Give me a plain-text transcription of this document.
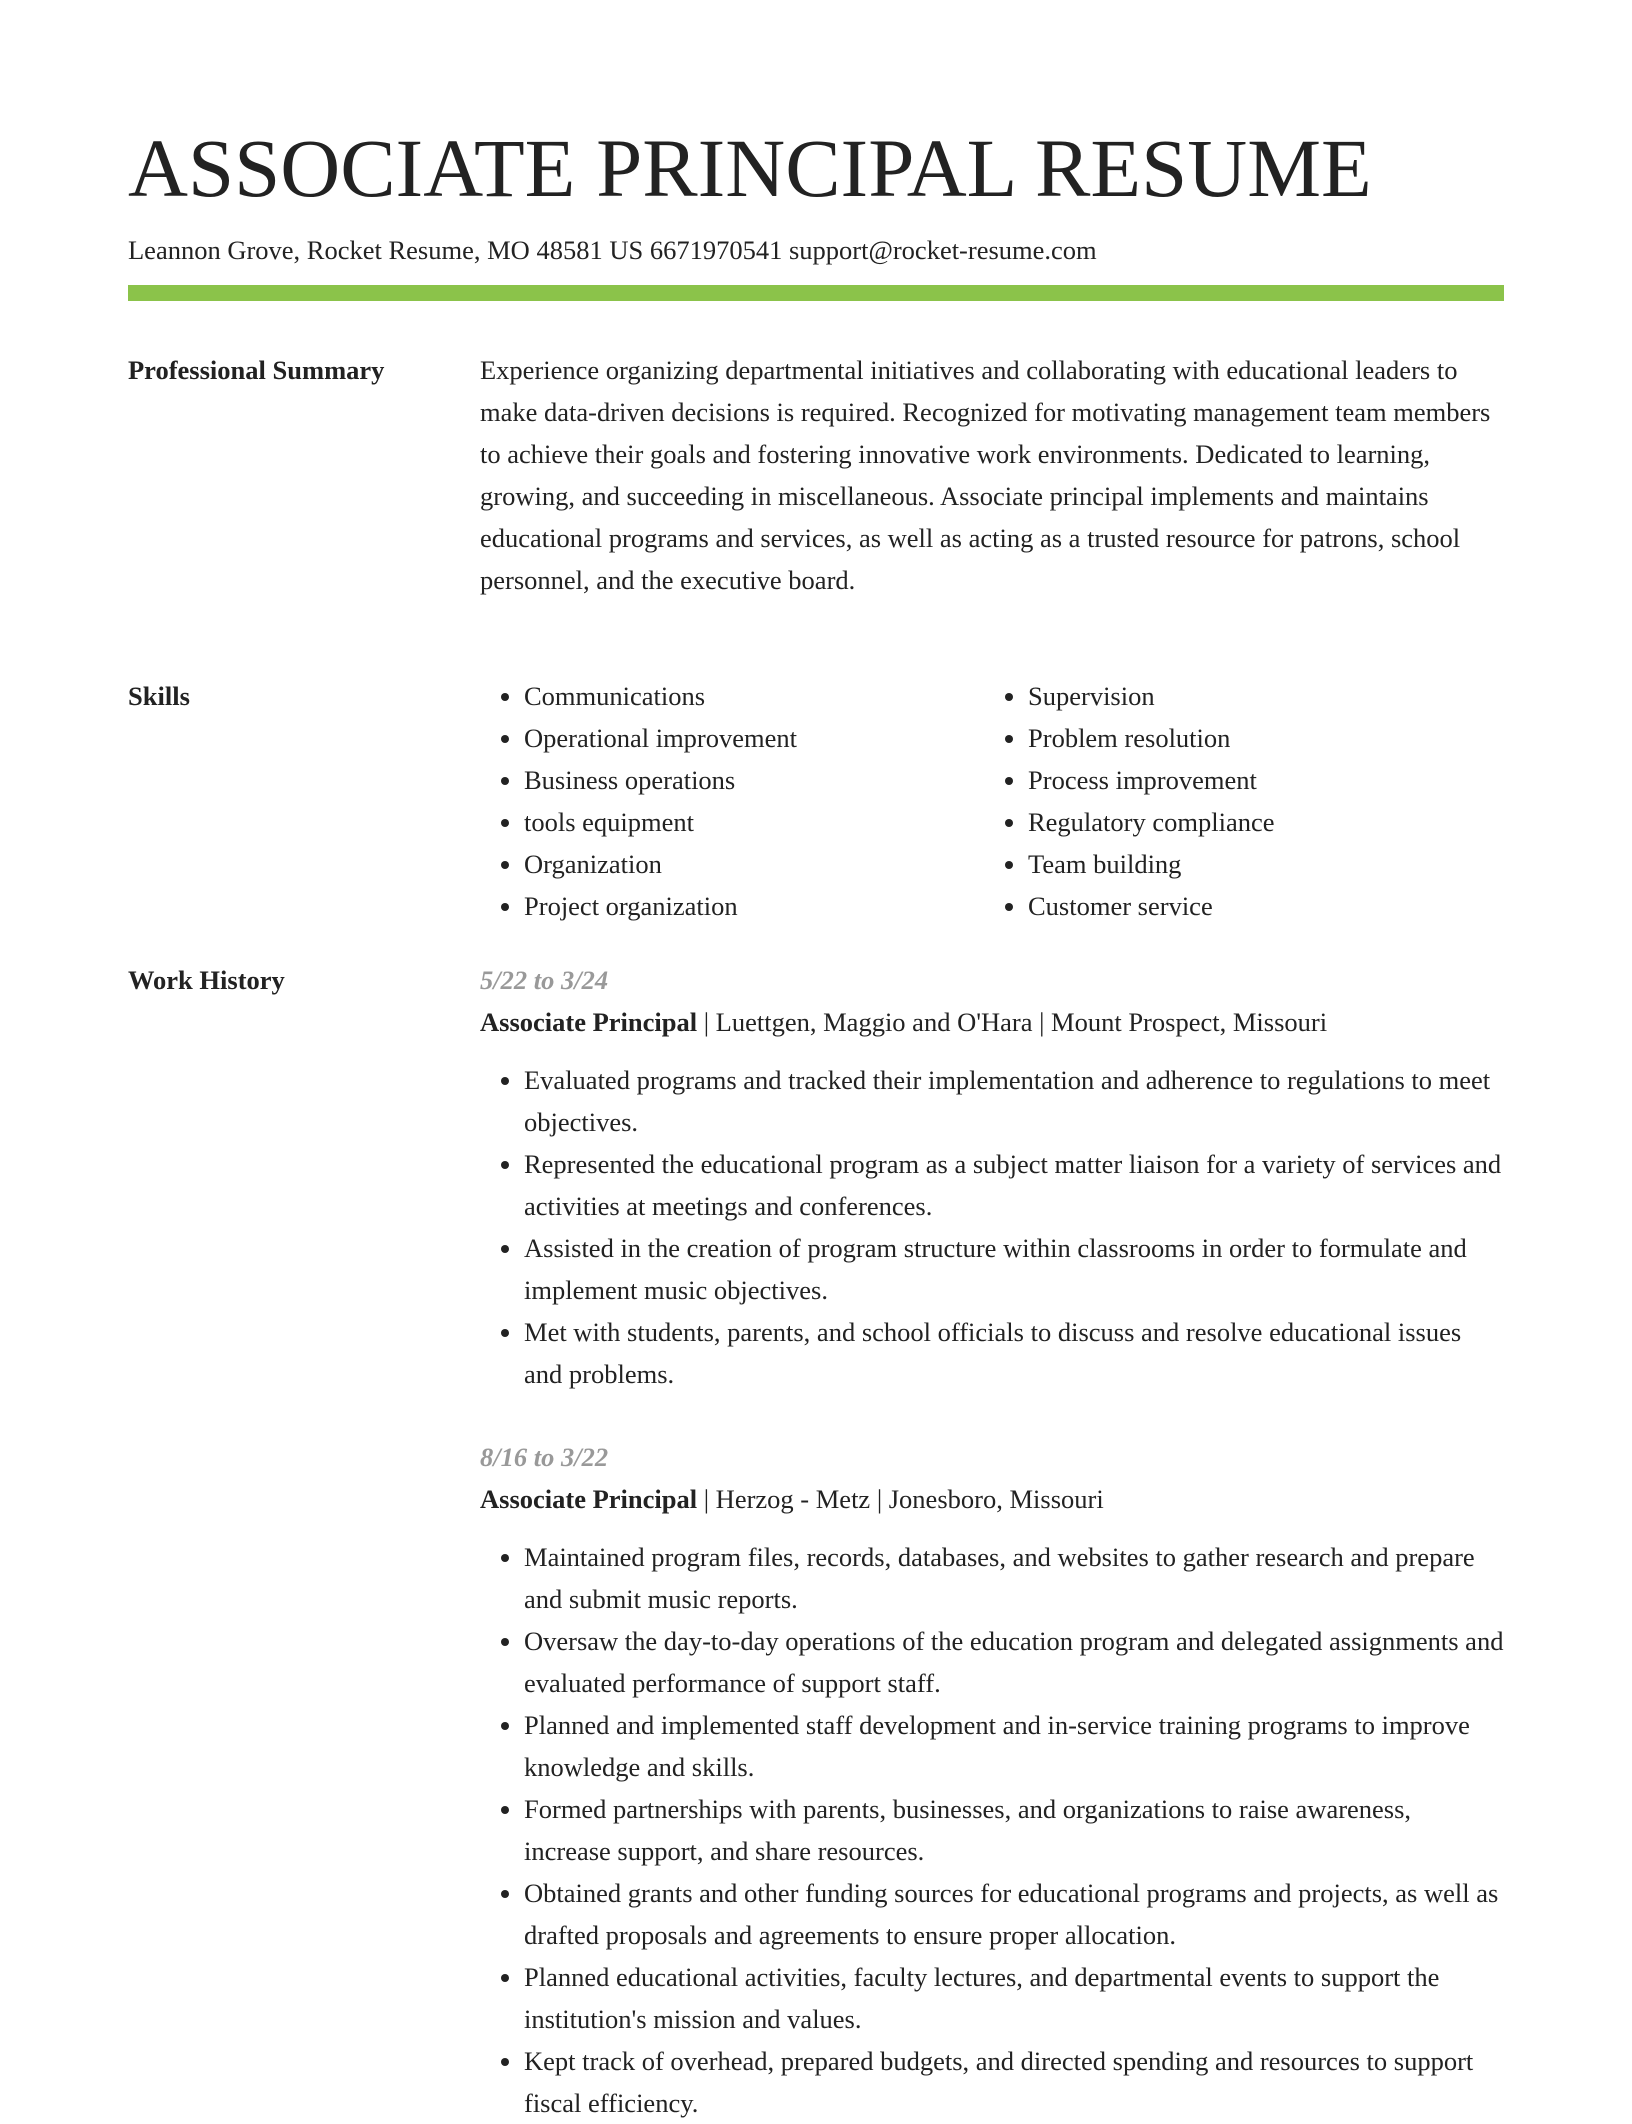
ASSOCIATE PRINCIPAL RESUME
Leannon Grove, Rocket Resume, MO 48581 US 6671970541 support@rocket-resume.com
Professional Summary	Experience organizing departmental initiatives and collaborating with educational leaders to make data-driven decisions is required. Recognized for motivating management team members to achieve their goals and fostering innovative work environments. Dedicated to learning, growing, and succeeding in miscellaneous. Associate principal implements and maintains educational programs and services, as well as acting as a trusted resource for patrons, school personnel, and the executive board.

Skills
•	Communications
• Operational improvement
• Business operations
• tools equipment
• Organization
• Project organization
• Supervision
• Problem resolution
• Process improvement
• Regulatory compliance
• Team building
• Customer service
Work History	5/22 to 3/24
Associate Principal | Luettgen, Maggio and O'Hara | Mount Prospect, Missouri
• Evaluated programs and tracked their implementation and adherence to regulations to meet objectives.
• Represented the educational program as a subject matter liaison for a variety of services and activities at meetings and conferences.
• Assisted in the creation of program structure within classrooms in order to formulate and implement music objectives.
• Met with students, parents, and school officials to discuss and resolve educational issues and problems.
8/16 to 3/22
Associate Principal | Herzog - Metz | Jonesboro, Missouri
• Maintained program files, records, databases, and websites to gather research and prepare and submit music reports.
• Oversaw the day-to-day operations of the education program and delegated assignments and evaluated performance of support staff.
• Planned and implemented staff development and in-service training programs to improve knowledge and skills.
• Formed partnerships with parents, businesses, and organizations to raise awareness, increase support, and share resources.
• Obtained grants and other funding sources for educational programs and projects, as well as drafted proposals and agreements to ensure proper allocation.
• Planned educational activities, faculty lectures, and departmental events to support the institution's mission and values.
• Kept track of overhead, prepared budgets, and directed spending and resources to support fiscal efficiency.
